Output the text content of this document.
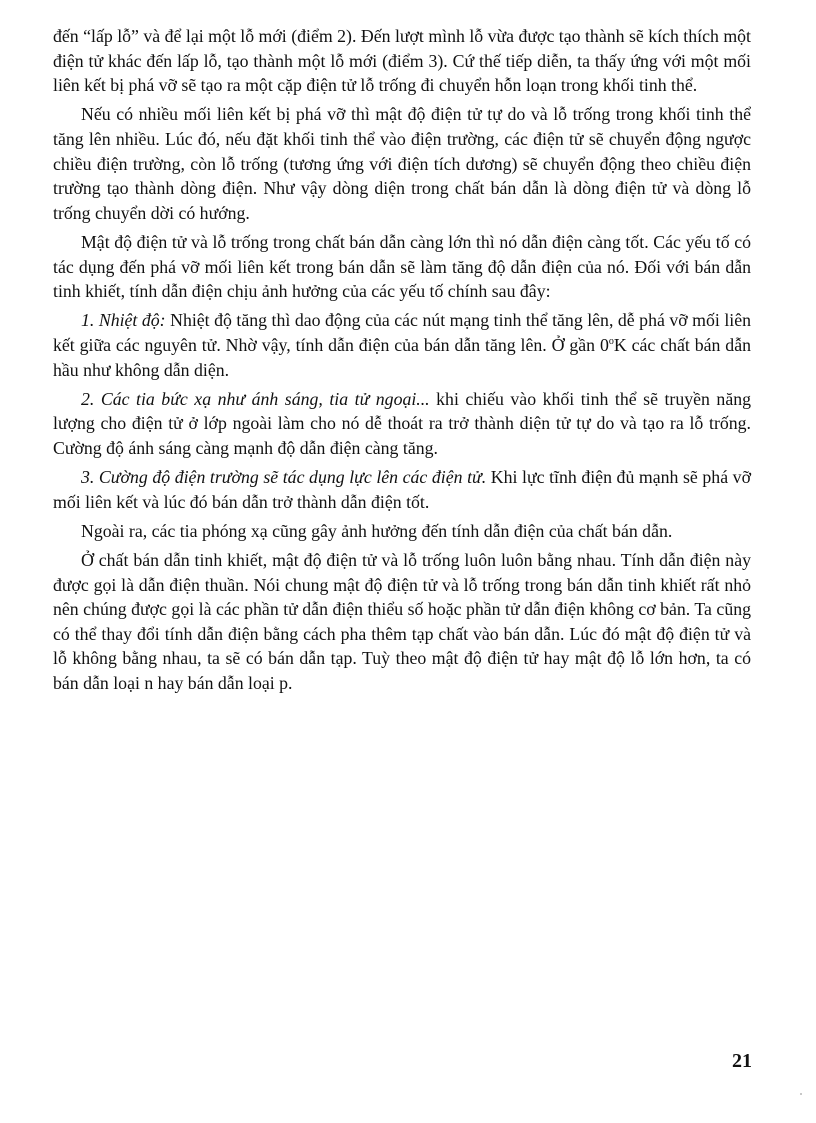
đến “lấp lỗ” và để lại một lỗ mới (điểm 2). Đến lượt mình lỗ vừa được tạo thành sẽ kích thích một điện tử khác đến lấp lỗ, tạo thành một lỗ mới (điểm 3). Cứ thế tiếp diễn, ta thấy ứng với một mối liên kết bị phá vỡ sẽ tạo ra một cặp điện tử lỗ trống đi chuyển hỗn loạn trong khối tinh thể.

Nếu có nhiều mối liên kết bị phá vỡ thì mật độ điện tử tự do và lỗ trống trong khối tinh thể tăng lên nhiều. Lúc đó, nếu đặt khối tinh thể vào điện trường, các điện tử sẽ chuyển động ngược chiều điện trường, còn lỗ trống (tương ứng với điện tích dương) sẽ chuyển động theo chiều điện trường tạo thành dòng điện. Như vậy dòng diện trong chất bán dẫn là dòng điện tử và dòng lỗ trống chuyển dời có hướng.

Mật độ điện tử và lỗ trống trong chất bán dẫn càng lớn thì nó dẫn điện càng tốt. Các yếu tố có tác dụng đến phá vỡ mối liên kết trong bán dẫn sẽ làm tăng độ dẫn điện của nó. Đối với bán dẫn tinh khiết, tính dẫn điện chịu ảnh hưởng của các yếu tố chính sau đây:

1. Nhiệt độ: Nhiệt độ tăng thì dao động của các nút mạng tinh thể tăng lên, dễ phá vỡ mối liên kết giữa các nguyên tử. Nhờ vậy, tính dẫn điện của bán dẫn tăng lên. Ở gần 0$^o$K các chất bán dẫn hầu như không dẫn diện.

2. Các tia bức xạ như ánh sáng, tia tử ngoại... khi chiếu vào khối tinh thể sẽ truyền năng lượng cho điện tử ở lớp ngoài làm cho nó dễ thoát ra trở thành diện tử tự do và tạo ra lỗ trống. Cường độ ánh sáng càng mạnh độ dẫn điện càng tăng.

3. Cường độ điện trường sẽ tác dụng lực lên các điện tử. Khi lực tĩnh điện đủ mạnh sẽ phá vỡ mối liên kết và lúc đó bán dẫn trở thành dẫn điện tốt.

Ngoài ra, các tia phóng xạ cũng gây ảnh hưởng đến tính dẫn điện của chất bán dẫn.

Ở chất bán dẫn tinh khiết, mật độ điện tử và lỗ trống luôn luôn bằng nhau. Tính dẫn điện này được gọi là dẫn điện thuần. Nói chung mật độ điện tử và lỗ trống trong bán dẫn tinh khiết rất nhỏ nên chúng được gọi là các phần tử dẫn điện thiểu số hoặc phần tử dẫn điện không cơ bản. Ta cũng có thể thay đổi tính dẫn điện bằng cách pha thêm tạp chất vào bán dẫn. Lúc đó mật độ điện tử và lỗ không bằng nhau, ta sẽ có bán dẫn tạp. Tuỳ theo mật độ điện tử hay mật độ lỗ lớn hơn, ta có bán dẫn loại n hay bán dẫn loại p.

21
